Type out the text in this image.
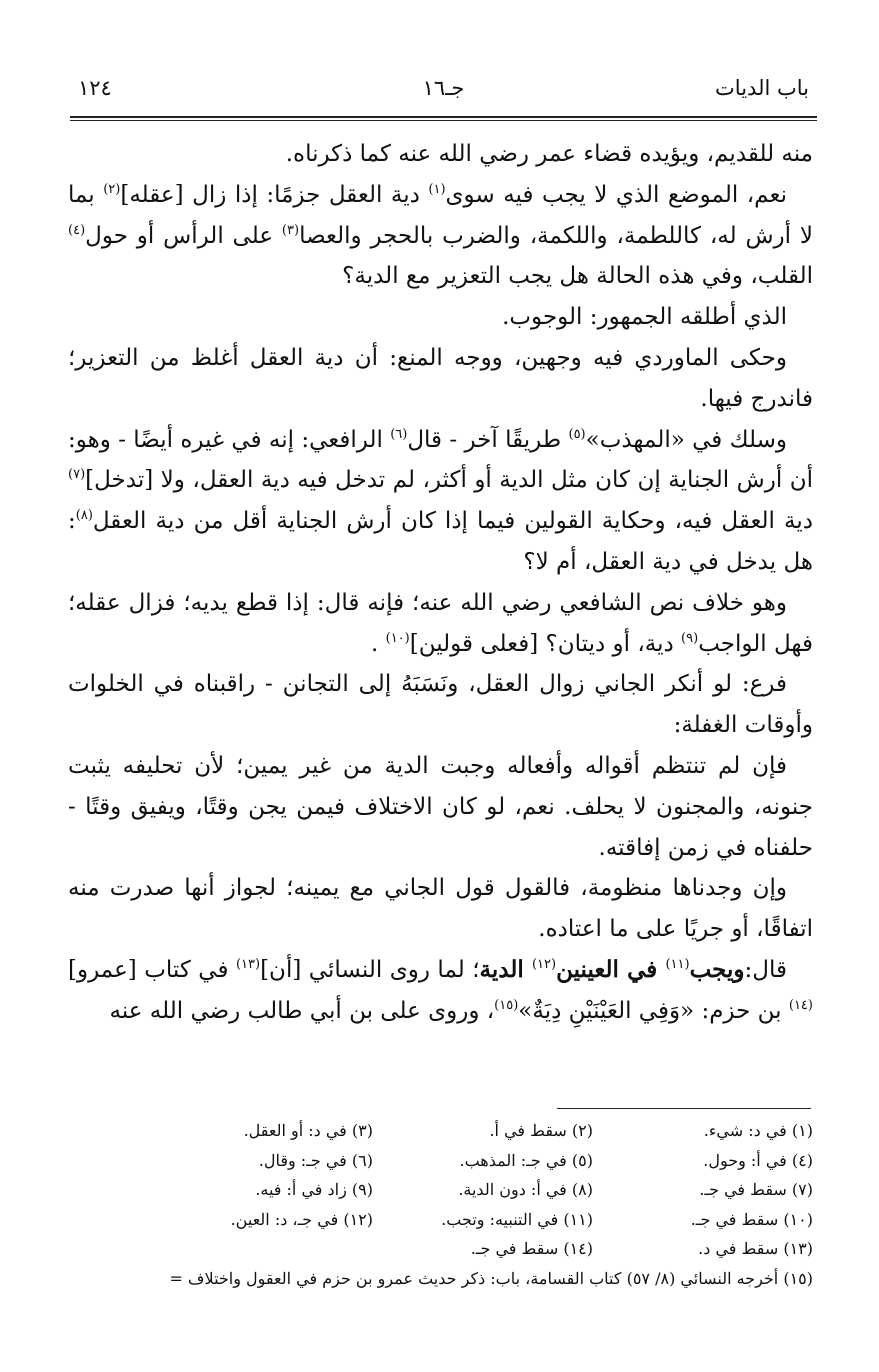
باب الديات
جـ١٦
١٢٤

منه للقديم، ويؤيده قضاء عمر رضي الله عنه كما ذكرناه.

نعم، الموضع الذي لا يجب فيه سوى$^{(١)}$ دية العقل جزمًا: إذا زال [عقله]$^{(٢)}$ بما لا أرش له، كاللطمة، واللكمة، والضرب بالحجر والعصا$^{(٣)}$ على الرأس أو حول$^{(٤)}$ القلب، وفي هذه الحالة هل يجب التعزير مع الدية؟

الذي أطلقه الجمهور: الوجوب.

وحكى الماوردي فيه وجهين، ووجه المنع: أن دية العقل أغلظ من التعزير؛ فاندرج فيها.

وسلك في «المهذب»$^{(٥)}$ طريقًا آخر - قال$^{(٦)}$ الرافعي: إنه في غيره أيضًا - وهو: أن أرش الجناية إن كان مثل الدية أو أكثر، لم تدخل فيه دية العقل، ولا [تدخل]$^{(٧)}$ دية العقل فيه، وحكاية القولين فيما إذا كان أرش الجناية أقل من دية العقل$^{(٨)}$: هل يدخل في دية العقل، أم لا؟

وهو خلاف نص الشافعي رضي الله عنه؛ فإنه قال: إذا قطع يديه؛ فزال عقله؛ فهل الواجب$^{(٩)}$ دية، أو ديتان؟ [فعلى قولين]$^{(١٠)}$ .

فرع: لو أنكر الجاني زوال العقل، ونَسَبَهُ إلى التجانن - راقبناه في الخلوات وأوقات الغفلة:

فإن لم تنتظم أقواله وأفعاله وجبت الدية من غير يمين؛ لأن تحليفه يثبت جنونه، والمجنون لا يحلف. نعم، لو كان الاختلاف فيمن يجن وقتًا، ويفيق وقتًا - حلفناه في زمن إفاقته.

وإن وجدناها منظومة، فالقول قول الجاني مع يمينه؛ لجواز أنها صدرت منه اتفاقًا، أو جريًا على ما اعتاده.

قال:ويجب$^{(١١)}$ في العينين$^{(١٢)}$ الدية؛ لما روى النسائي [أن]$^{(١٣)}$ في كتاب [عمرو]$^{(١٤)}$ بن حزم: «وَفِي العَيْنَيْنِ دِيَةٌ»$^{(١٥)}$، وروى على بن أبي طالب رضي الله عنه

(١) في د: شيء.
(٢) سقط في أ.
(٣) في د: أو العقل.
(٤) في أ: وحول.
(٥) في جـ: المذهب.
(٦) في جـ: وقال.
(٧) سقط في جـ.
(٨) في أ: دون الدية.
(٩) زاد في أ: فيه.
(١٠) سقط في جـ.
(١١) في التنبيه: وتجب.
(١٢) في جـ، د: العين.
(١٣) سقط في د.
(١٤) سقط في جـ.
(١٥) أخرجه النسائي (٨/ ٥٧) كتاب القسامة، باب: ذكر حديث عمرو بن حزم في العقول واختلاف =
